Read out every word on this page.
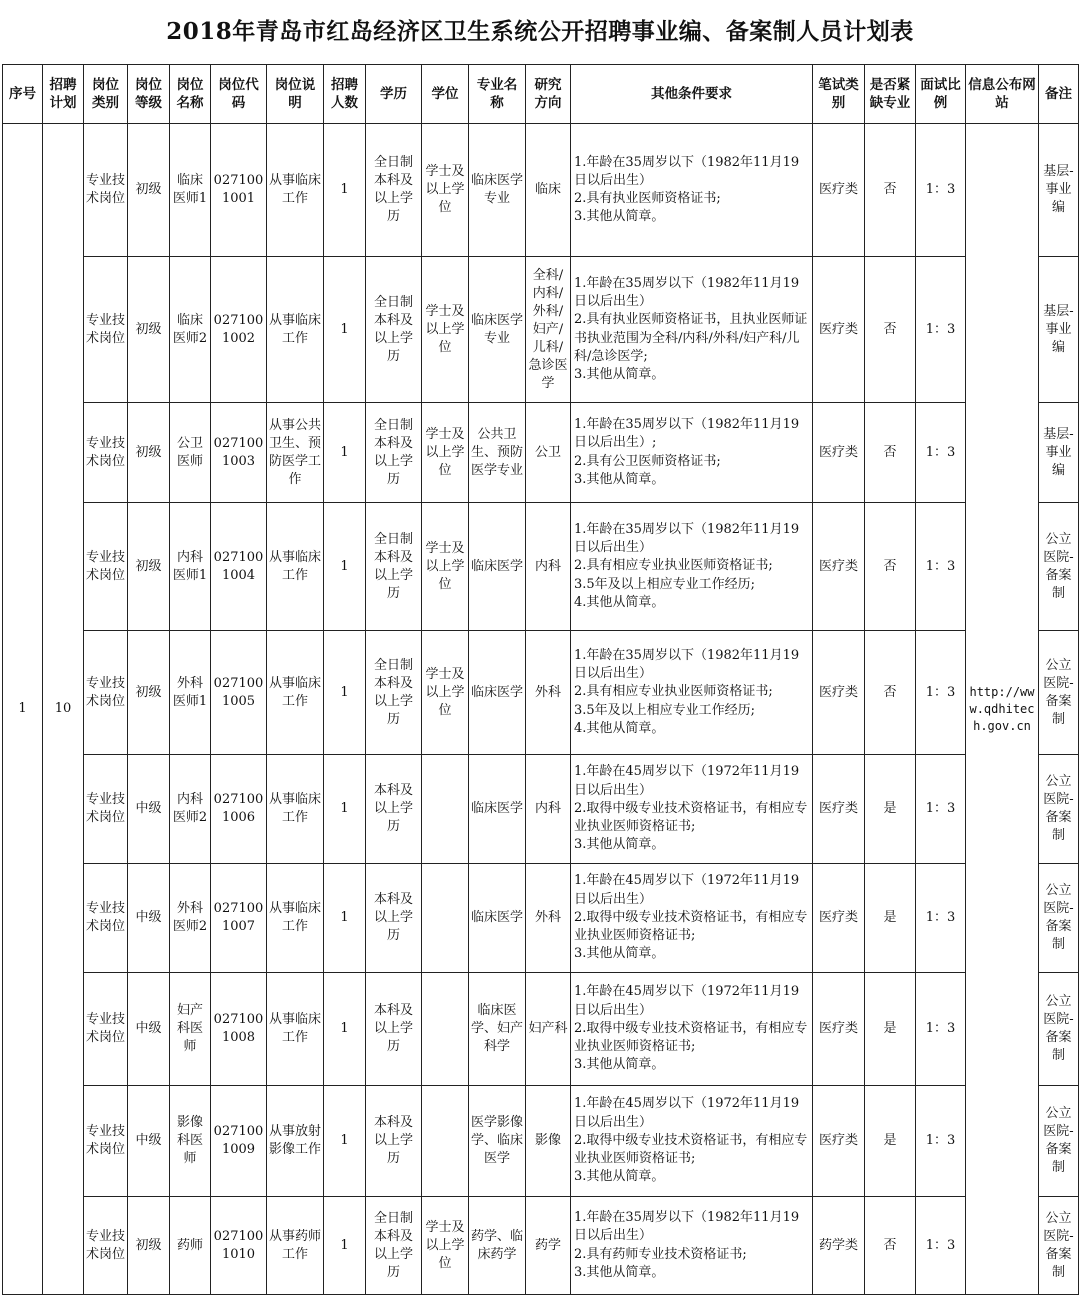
2018年青岛市红岛经济区卫生系统公开招聘事业编、备案制人员计划表
序号	招聘计划	岗位类别	岗位等级	岗位名称	岗位代码	岗位说明	招聘人数	学历	学位	专业名称	研究方向	其他条件要求	笔试类别	是否紧缺专业	面试比例	信息公布网站	备注
1	10	专业技术岗位	初级	临床医师1	0271001001	从事临床工作	1	全日制本科及以上学历	学士及以上学位	临床医学专业	临床	1.年龄在35周岁以下（1982年11月19日以后出生）
2.具有执业医师资格证书;
3.其他从简章。	医疗类	否	1：3	http://www.qdhitech.gov.cn	基层-事业编
		专业技术岗位	初级	临床医师2	0271001002	从事临床工作	1	全日制本科及以上学历	学士及以上学位	临床医学专业	全科/内科/外科/妇产/儿科/急诊医学	1.年龄在35周岁以下（1982年11月19日以后出生）
2.具有执业医师资格证书，且执业医师证书执业范围为全科/内科/外科/妇产科/儿科/急诊医学;
3.其他从简章。	医疗类	否	1：3		基层-事业编
		专业技术岗位	初级	公卫医师	0271001003	从事公共卫生、预防医学工作	1	全日制本科及以上学历	学士及以上学位	公共卫生、预防医学专业	公卫	1.年龄在35周岁以下（1982年11月19日以后出生）;
2.具有公卫医师资格证书;
3.其他从简章。	医疗类	否	1：3		基层-事业编
		专业技术岗位	初级	内科医师1	0271001004	从事临床工作	1	全日制本科及以上学历	学士及以上学位	临床医学	内科	1.年龄在35周岁以下（1982年11月19日以后出生）
2.具有相应专业执业医师资格证书;
3.5年及以上相应专业工作经历;
4.其他从简章。	医疗类	否	1：3		公立医院-备案制
		专业技术岗位	初级	外科医师1	0271001005	从事临床工作	1	全日制本科及以上学历	学士及以上学位	临床医学	外科	1.年龄在35周岁以下（1982年11月19日以后出生）
2.具有相应专业执业医师资格证书;
3.5年及以上相应专业工作经历;
4.其他从简章。	医疗类	否	1：3		公立医院-备案制
		专业技术岗位	中级	内科医师2	0271001006	从事临床工作	1	本科及以上学历		临床医学	内科	1.年龄在45周岁以下（1972年11月19日以后出生）
2.取得中级专业技术资格证书，有相应专业执业医师资格证书;
3.其他从简章。	医疗类	是	1：3		公立医院-备案制
		专业技术岗位	中级	外科医师2	0271001007	从事临床工作	1	本科及以上学历		临床医学	外科	1.年龄在45周岁以下（1972年11月19日以后出生）
2.取得中级专业技术资格证书，有相应专业执业医师资格证书;
3.其他从简章。	医疗类	是	1：3		公立医院-备案制
		专业技术岗位	中级	妇产科医师	0271001008	从事临床工作	1	本科及以上学历		临床医学、妇产科学	妇产科	1.年龄在45周岁以下（1972年11月19日以后出生）
2.取得中级专业技术资格证书，有相应专业执业医师资格证书;
3.其他从简章。	医疗类	是	1：3		公立医院-备案制
		专业技术岗位	中级	影像科医师	0271001009	从事放射影像工作	1	本科及以上学历		医学影像学、临床医学	影像	1.年龄在45周岁以下（1972年11月19日以后出生）
2.取得中级专业技术资格证书，有相应专业执业医师资格证书;
3.其他从简章。	医疗类	是	1：3		公立医院-备案制
		专业技术岗位	初级	药师	0271001010	从事药师工作	1	全日制本科及以上学历	学士及以上学位	药学、临床药学	药学	1.年龄在35周岁以下（1982年11月19日以后出生）
2.具有药师专业技术资格证书;
3.其他从简章。	药学类	否	1：3		公立医院-备案制
